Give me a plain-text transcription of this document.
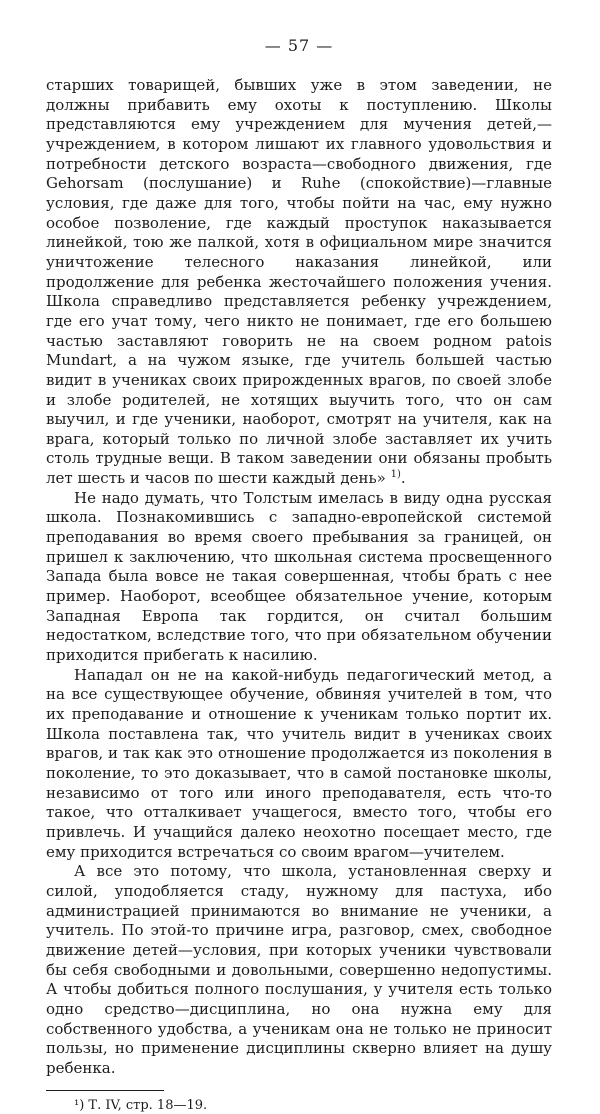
— 57 —

старших товарищей, бывших уже в этом заведении, не должны прибавить ему охоты к поступлению. Школы представляются ему учреждением для мучения детей,—учреждением, в котором лишают их главного удовольствия и потребности детского возраста—свободного движения, где Gehorsam (послушание) и Ruhe (спокойствие)—главные условия, где даже для того, чтобы пойти на час, ему нужно особое позволение, где каждый проступок наказывается линейкой, тою же палкой, хотя в официальном мире значится уничтожение телесного наказания линейкой, или продолжение для ребенка жесточайшего положения учения. Школа справедливо представляется ребенку учреждением, где его учат тому, чего никто не понимает, где его большею частью заставляют говорить не на своем родном patois Mundart, а на чужом языке, где учитель большей частью видит в учениках своих прирожденных врагов, по своей злобе и злобе родителей, не хотящих выучить того, что он сам выучил, и где ученики, наоборот, смотрят на учителя, как на врага, который только по личной злобе заставляет их учить столь трудные вещи. В таком заведении они обязаны пробыть лет шесть и часов по шести каждый день» $^{1)}$.

Не надо думать, что Толстым имелась в виду одна русская школа. Познакомившись с западно-европейской системой преподавания во время своего пребывания за границей, он пришел к заключению, что школьная система просвещенного Запада была вовсе не такая совершенная, чтобы брать с нее пример. Наоборот, всеобщее обязательное учение, которым Западная Европа так гордится, он считал большим недостатком, вследствие того, что при обязательном обучении приходится прибегать к насилию.

Нападал он не на какой-нибудь педагогический метод, а на все существующее обучение, обвиняя учителей в том, что их преподавание и отношение к ученикам только портит их. Школа поставлена так, что учитель видит в учениках своих врагов, и так как это отношение продолжается из поколения в поколение, то это доказывает, что в самой постановке школы, независимо от того или иного преподавателя, есть что-то такое, что отталкивает учащегося, вместо того, чтобы его привлечь. И учащийся далеко неохотно посещает место, где ему приходится встречаться со своим врагом—учителем.

А все это потому, что школа, установленная сверху и силой, уподобляется стаду, нужному для пастуха, ибо администрацией принимаются во внимание не ученики, а учитель. По этой-то причине игра, разговор, смех, свободное движение детей—условия, при которых ученики чувствовали бы себя свободными и довольными, совершенно недопустимы. А чтобы добиться полного послушания, у учителя есть только одно средство—дисциплина, но она нужна ему для собственного удобства, а ученикам она не только не приносит пользы, но применение дисциплины скверно влияет на душу ребенка.

¹) Т. IV, стр. 18—19.
